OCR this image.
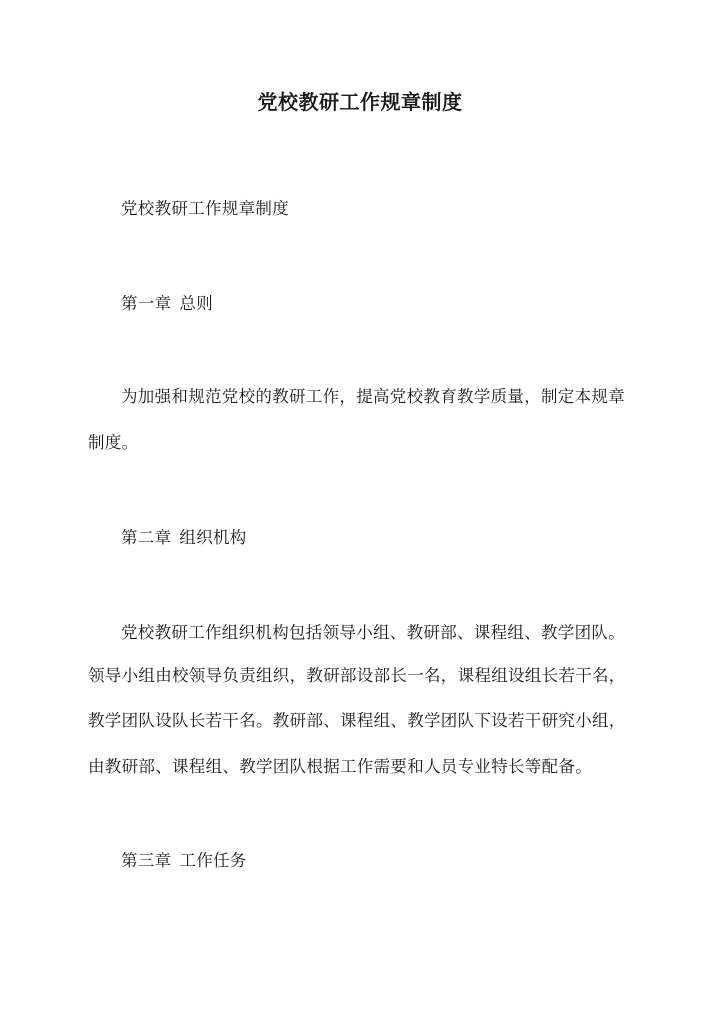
党校教研工作规章制度

党校教研工作规章制度

第一章 总则

为加强和规范党校的教研工作，提高党校教育教学质量，制定本规章

制度。

第二章 组织机构

党校教研工作组织机构包括领导小组、教研部、课程组、教学团队。

领导小组由校领导负责组织，教研部设部长一名，课程组设组长若干名，

教学团队设队长若干名。教研部、课程组、教学团队下设若干研究小组，

由教研部、课程组、教学团队根据工作需要和人员专业特长等配备。

第三章 工作任务
